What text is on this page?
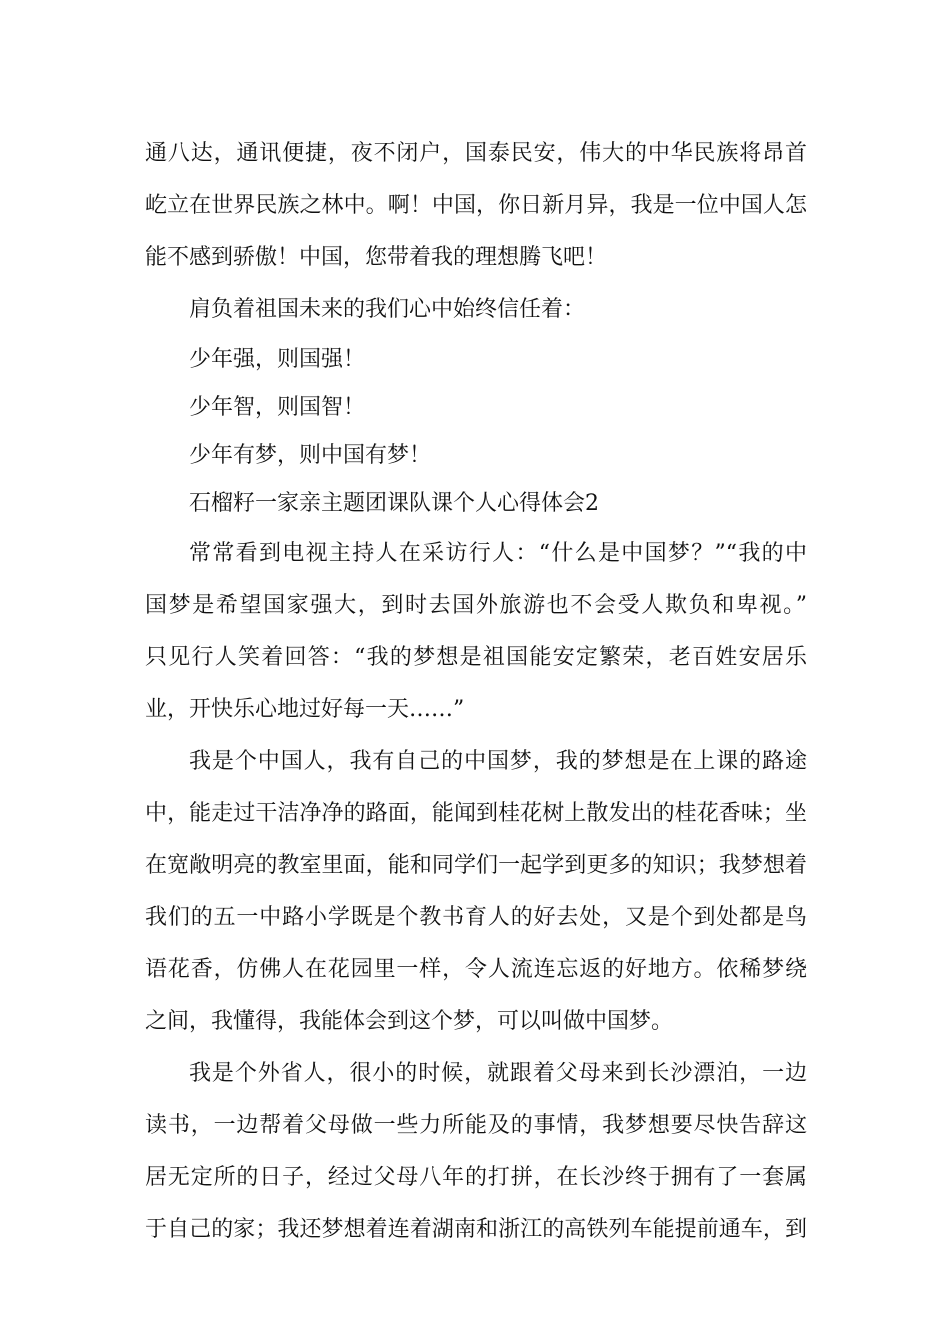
通八达，通讯便捷，夜不闭户，国泰民安，伟大的中华民族将昂首
屹立在世界民族之林中。啊！中国，你日新月异，我是一位中国人怎
能不感到骄傲！中国，您带着我的理想腾飞吧！
肩负着祖国未来的我们心中始终信任着：
少年强，则国强！
少年智，则国智！
少年有梦，则中国有梦！
石榴籽一家亲主题团课队课个人心得体会2
常常看到电视主持人在采访行人：“什么是中国梦？”“我的中
国梦是希望国家强大，到时去国外旅游也不会受人欺负和卑视。”
只见行人笑着回答：“我的梦想是祖国能安定繁荣，老百姓安居乐
业，开快乐心地过好每一天……”
我是个中国人，我有自己的中国梦，我的梦想是在上课的路途
中，能走过干洁净净的路面，能闻到桂花树上散发出的桂花香味；坐
在宽敞明亮的教室里面，能和同学们一起学到更多的知识；我梦想着
我们的五一中路小学既是个教书育人的好去处，又是个到处都是鸟
语花香，仿佛人在花园里一样，令人流连忘返的好地方。依稀梦绕
之间，我懂得，我能体会到这个梦，可以叫做中国梦。
我是个外省人，很小的时候，就跟着父母来到长沙漂泊，一边
读书，一边帮着父母做一些力所能及的事情，我梦想要尽快告辞这
居无定所的日子，经过父母八年的打拼，在长沙终于拥有了一套属
于自己的家；我还梦想着连着湖南和浙江的高铁列车能提前通车，到
